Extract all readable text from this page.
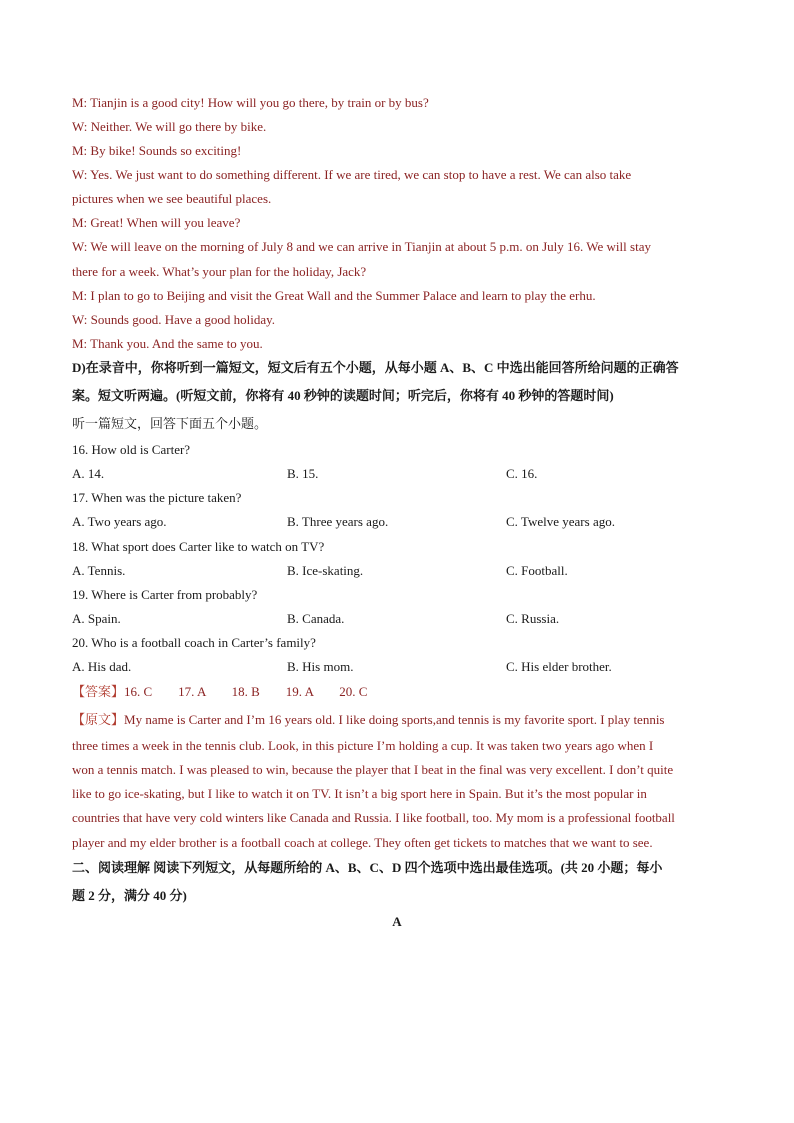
M: Tianjin is a good city! How will you go there, by train or by bus?
W: Neither. We will go there by bike.
M: By bike! Sounds so exciting!
W: Yes. We just want to do something different. If we are tired, we can stop to have a rest. We can also take
pictures when we see beautiful places.
M: Great! When will you leave?
W: We will leave on the morning of July 8 and we can arrive in Tianjin at about 5 p.m. on July 16. We will stay
there for a week. What’s your plan for the holiday, Jack?
M: I plan to go to Beijing and visit the Great Wall and the Summer Palace and learn to play the erhu.
W: Sounds good. Have a good holiday.
M: Thank you. And the same to you.
D)在录音中，你将听到一篇短文，短文后有五个小题，从每小题 A、B、C 中选出能回答所给问题的正确答
案。短文听两遍。(听短文前，你将有 40 秒钟的读题时间；听完后，你将有 40 秒钟的答题时间)
听一篇短文，回答下面五个小题。
16. How old is Carter?
A. 14.	B. 15.	C. 16.
17. When was the picture taken?
A. Two years ago.	B. Three years ago.	C. Twelve years ago.
18. What sport does Carter like to watch on TV?
A. Tennis.	B. Ice-skating.	C. Football.
19. Where is Carter from probably?
A. Spain.	B. Canada.	C. Russia.
20. Who is a football coach in Carter’s family?
A. His dad.	B. His mom.	C. His elder brother.
【答案】16. C        17. A        18. B        19. A        20. C
【原文】My name is Carter and I’m 16 years old. I like doing sports,and tennis is my favorite sport. I play tennis
three times a week in the tennis club. Look, in this picture I’m holding a cup. It was taken two years ago when I
won a tennis match. I was pleased to win, because the player that I beat in the final was very excellent. I don’t quite
like to go ice-skating, but I like to watch it on TV. It isn’t a big sport here in Spain. But it’s the most popular in
countries that have very cold winters like Canada and Russia. I like football, too. My mom is a professional football
player and my elder brother is a football coach at college. They often get tickets to matches that we want to see.
二、阅读理解 阅读下列短文，从每题所给的 A、B、C、D 四个选项中选出最佳选项。(共 20 小题；每小
题 2 分，满分 40 分)
A
